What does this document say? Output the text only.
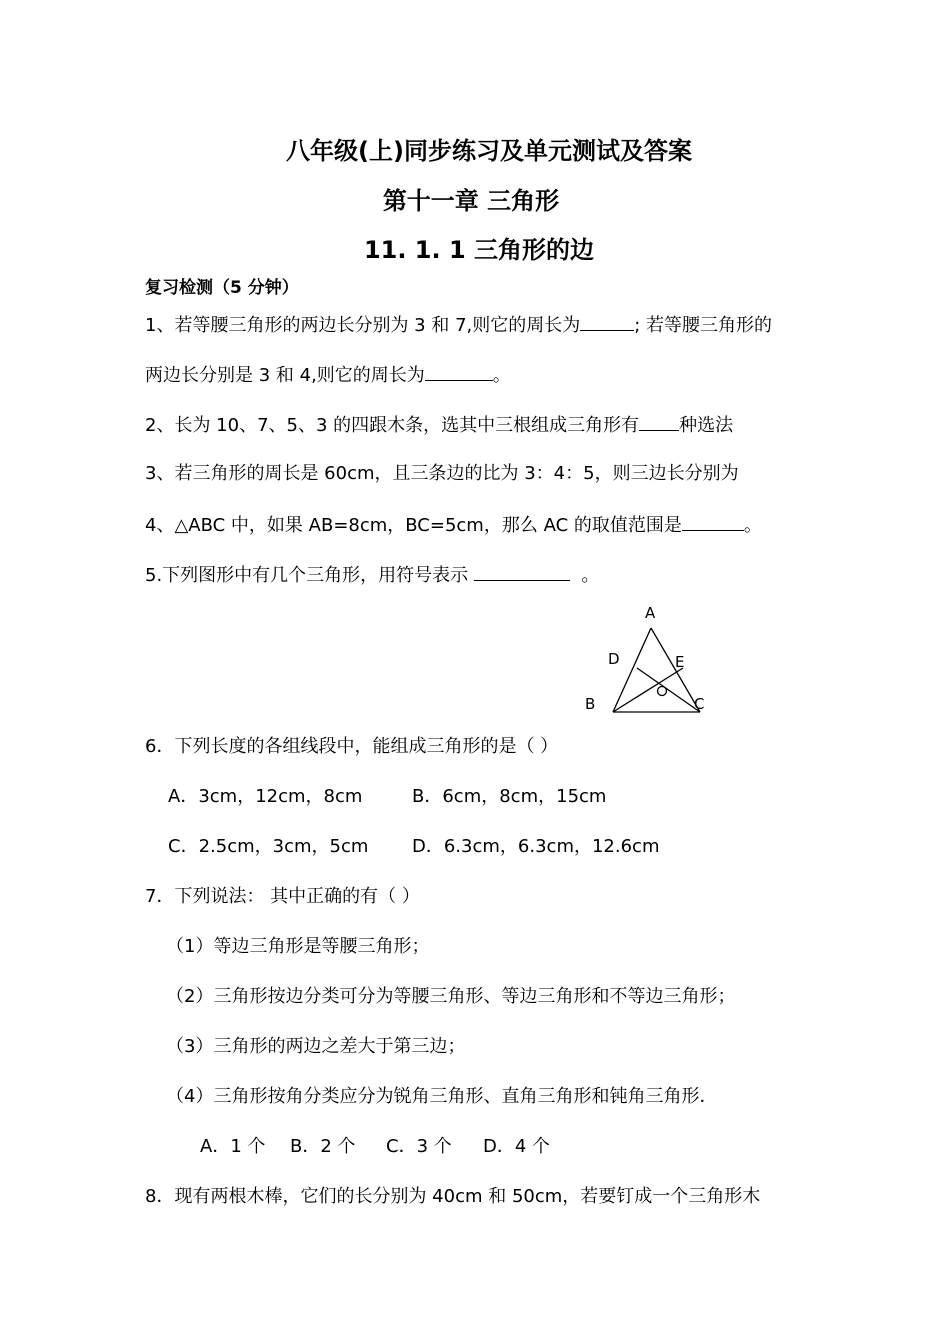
八年级(上)同步练习及单元测试及答案
第十一章 三角形
11. 1. 1 三角形的边
复习检测（5 分钟）
1、若等腰三角形的两边长分别为 3 和 7,则它的周长为	; 若等腰三角形的
两边长分别是 3 和 4,则它的周长为	。
2、长为 10、7、5、3 的四跟木条，选其中三根组成三角形有 种选法
3、若三角形的周长是 60cm，且三条边的比为 3：4：5，则三边长分别为
4、△ABC 中，如果 AB=8cm，BC=5cm，那么 AC 的取值范围是	。
5.下列图形中有几个三角形，用符号表示	。
A
B	C
D	E
6．下列长度的各组线段中，能组成三角形的是（ ）
A．3cm，12cm，8cm	B．6cm，8cm，15cm
C．2.5cm，3cm，5cm D．6.3cm，6.3cm，12.6cm
7．下列说法： 其中正确的有（ ）
（1）等边三角形是等腰三角形；
（2）三角形按边分类可分为等腰三角形、等边三角形和不等边三角形；
（3）三角形的两边之差大于第三边；
（4）三角形按角分类应分为锐角三角形、直角三角形和钝角三角形．
A．1 个 B．2 个 C．3 个 D．4 个
8．现有两根木棒，它们的长分别为 40cm 和 50cm，若要钉成一个三角形木
